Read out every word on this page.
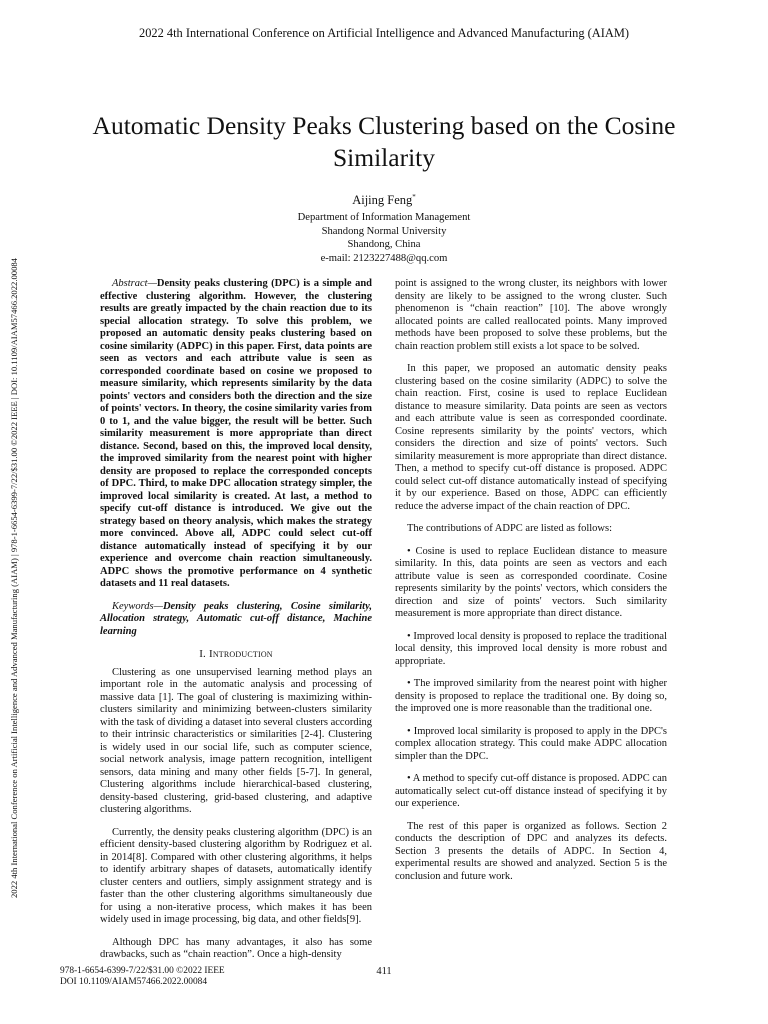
2022 4th International Conference on Artificial Intelligence and Advanced Manufacturing (AIAM)
2022 4th International Conference on Artificial Intelligence and Advanced Manufacturing (AIAM) | 978-1-6654-6399-7/22/$31.00 ©2022 IEEE | DOI: 10.1109/AIAM57466.2022.00084
Automatic Density Peaks Clustering based on the Cosine Similarity
Aijing Feng*
Department of Information Management
Shandong Normal University
Shandong, China
e-mail: 2123227488@qq.com

Abstract—Density peaks clustering (DPC) is a simple and effective clustering algorithm. However, the clustering results are greatly impacted by the chain reaction due to its special allocation strategy. To solve this problem, we proposed an automatic density peaks clustering based on cosine similarity (ADPC) in this paper. First, data points are seen as vectors and each attribute value is seen as corresponded coordinate based on cosine we proposed to measure similarity, which represents similarity by the data points' vectors and considers both the direction and the size of points' vectors. In theory, the cosine similarity varies from 0 to 1, and the value bigger, the result will be better. Such similarity measurement is more appropriate than direct distance. Second, based on this, the improved local density, the improved similarity from the nearest point with higher density are proposed to replace the corresponded concepts of DPC. Third, to make DPC allocation strategy simpler, the improved local similarity is created. At last, a method to specify cut-off distance is introduced. We give out the strategy based on theory analysis, which makes the strategy more convinced. Above all, ADPC could select cut-off distance automatically instead of specifying it by our experience and overcome chain reaction simultaneously. ADPC shows the promotive performance on 4 synthetic datasets and 11 real datasets.

Keywords—Density peaks clustering, Cosine similarity, Allocation strategy, Automatic cut-off distance, Machine learning

I. Introduction

Clustering as one unsupervised learning method plays an important role in the automatic analysis and processing of massive data [1]. The goal of clustering is maximizing within-clusters similarity and minimizing between-clusters similarity with the task of dividing a dataset into several clusters according to their intrinsic characteristics or similarities [2-4]. Clustering is widely used in our social life, such as computer science, social network analysis, image pattern recognition, intelligent sensors, data mining and many other fields [5-7]. In general, Clustering algorithms include hierarchical-based clustering, density-based clustering, grid-based clustering, and adaptive clustering algorithms.

Currently, the density peaks clustering algorithm (DPC) is an efficient density-based clustering algorithm by Rodriguez et al. in 2014[8]. Compared with other clustering algorithms, it helps to identify arbitrary shapes of datasets, automatically identify cluster centers and outliers, simply assignment strategy and is faster than the other clustering algorithms simultaneously due for using a non-iterative process, which makes it has been widely used in image processing, big data, and other fields[9].

Although DPC has many advantages, it also has some drawbacks, such as “chain reaction”. Once a high-density

point is assigned to the wrong cluster, its neighbors with lower density are likely to be assigned to the wrong cluster. Such phenomenon is “chain reaction” [10]. The above wrongly allocated points are called reallocated points. Many improved methods have been proposed to solve these problems, but the chain reaction problem still exists a lot space to be solved.

In this paper, we proposed an automatic density peaks clustering based on the cosine similarity (ADPC) to solve the chain reaction. First, cosine is used to replace Euclidean distance to measure similarity. Data points are seen as vectors and each attribute value is seen as corresponded coordinate. Cosine represents similarity by the points' vectors, which considers the direction and size of points' vectors. Such similarity measurement is more appropriate than direct distance. Then, a method to specify cut-off distance is proposed. ADPC could select cut-off distance automatically instead of specifying it by our experience. Based on those, ADPC can efficiently reduce the adverse impact of the chain reaction of DPC.

The contributions of ADPC are listed as follows:

• Cosine is used to replace Euclidean distance to measure similarity. In this, data points are seen as vectors and each attribute value is seen as corresponded coordinate. Cosine represents similarity by the points' vectors, which considers the direction and size of points' vectors. Such similarity measurement is more appropriate than direct distance.

• Improved local density is proposed to replace the traditional local density, this improved local density is more robust and appropriate.

• The improved similarity from the nearest point with higher density is proposed to replace the traditional one. By doing so, the improved one is more reasonable than the traditional one.

• Improved local similarity is proposed to apply in the DPC's complex allocation strategy. This could make ADPC allocation simpler than the DPC.

• A method to specify cut-off distance is proposed. ADPC can automatically select cut-off distance instead of specifying it by our experience.

The rest of this paper is organized as follows. Section 2 conducts the description of DPC and analyzes its defects. Section 3 presents the details of ADPC. In Section 4, experimental results are showed and analyzed. Section 5 is the conclusion and future work.

978-1-6654-6399-7/22/$31.00 ©2022 IEEE
DOI 10.1109/AIAM57466.2022.00084
411
